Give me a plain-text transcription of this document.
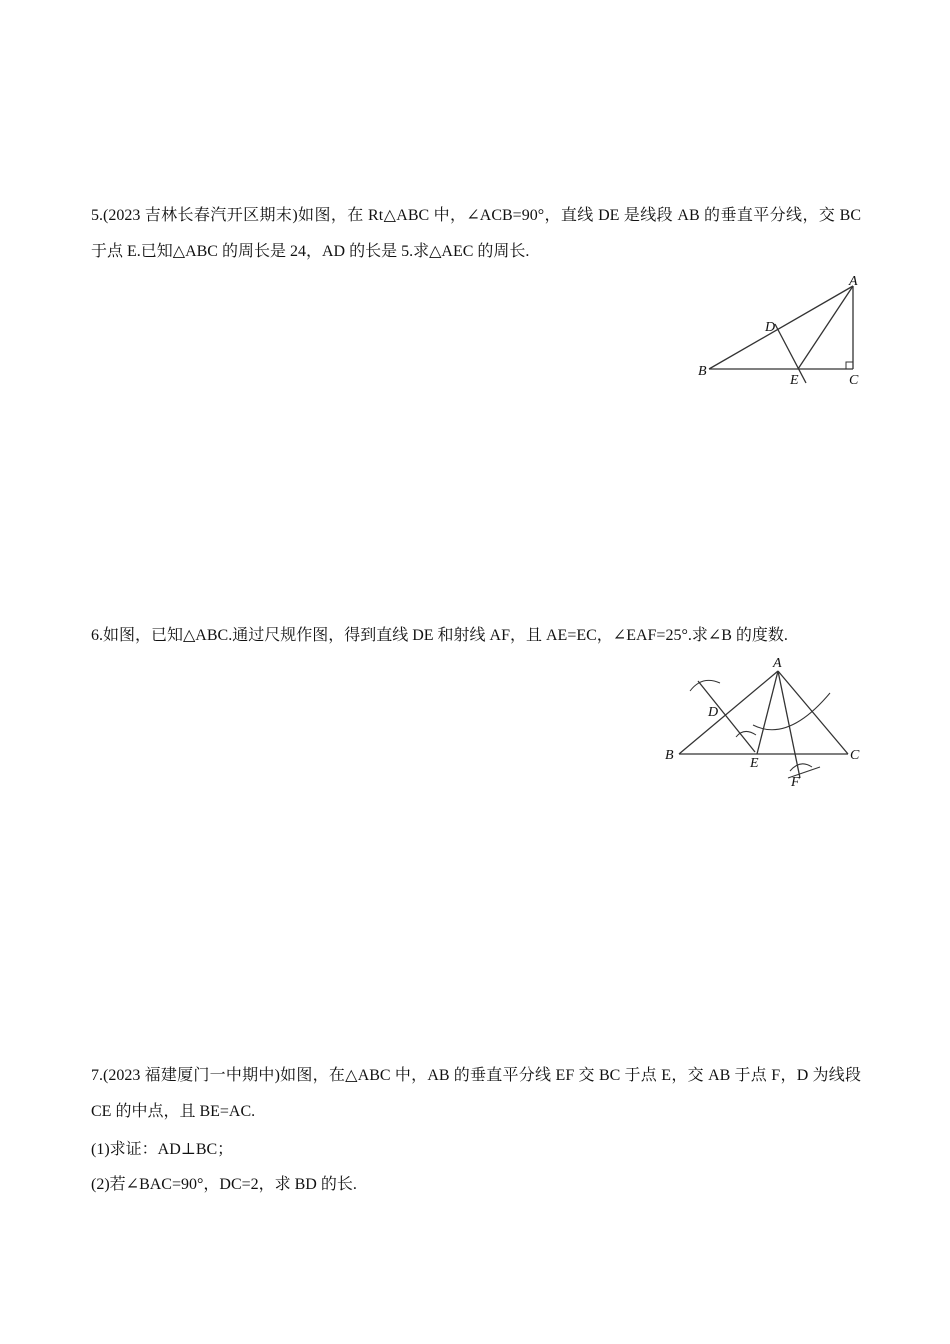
5.(2023 吉林长春汽开区期末)如图，在 Rt△ABC 中，∠ACB=90°，直线 DE 是线段 AB 的垂直平分线，交 BC 于点 E.已知△ABC 的周长是 24，AD 的长是 5.求△AEC 的周长.

A
B
C
D
E

6.如图，已知△ABC.通过尺规作图，得到直线 DE 和射线 AF，且 AE=EC，∠EAF=25°.求∠B 的度数.

A
B	C
D
E
F

7.(2023 福建厦门一中期中)如图，在△ABC 中，AB 的垂直平分线 EF 交 BC 于点 E，交 AB 于点 F，D 为线段 CE 的中点，且 BE=AC.

(1)求证：AD⊥BC；

(2)若∠BAC=90°，DC=2，求 BD 的长.
